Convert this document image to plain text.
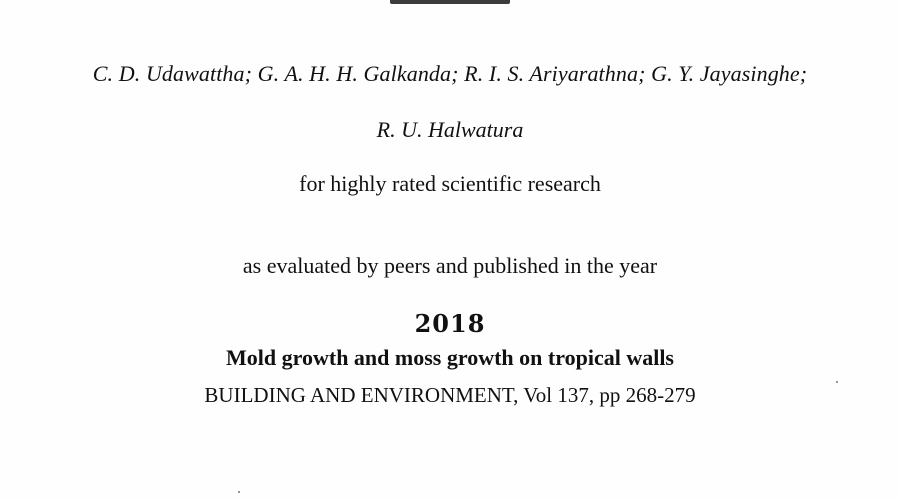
C. D. Udawattha; G. A. H. H. Galkanda; R. I. S. Ariyarathna; G. Y. Jayasinghe;
R. U. Halwatura
for highly rated scientific research
as evaluated by peers and published in the year
2018
Mold growth and moss growth on tropical walls
BUILDING AND ENVIRONMENT, Vol 137, pp 268-279
